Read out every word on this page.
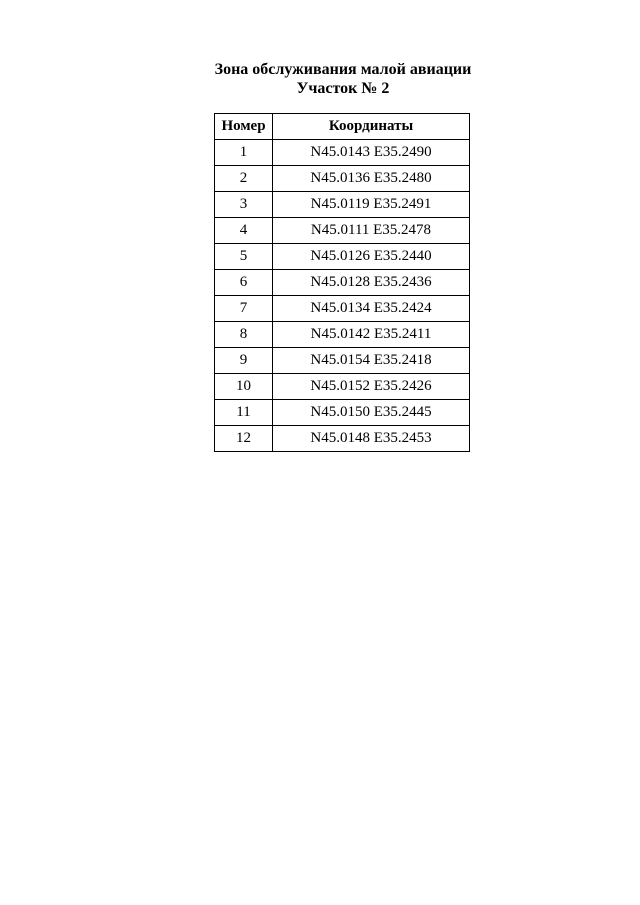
Зона обслуживания малой авиации
Участок № 2
Номер	Координаты
1	N45.0143 E35.2490
2	N45.0136 E35.2480
3	N45.0119 E35.2491
4	N45.0111 E35.2478
5	N45.0126 E35.2440
6	N45.0128 E35.2436
7	N45.0134 E35.2424
8	N45.0142 E35.2411
9	N45.0154 E35.2418
10	N45.0152 E35.2426
11	N45.0150 E35.2445
12	N45.0148 E35.2453
